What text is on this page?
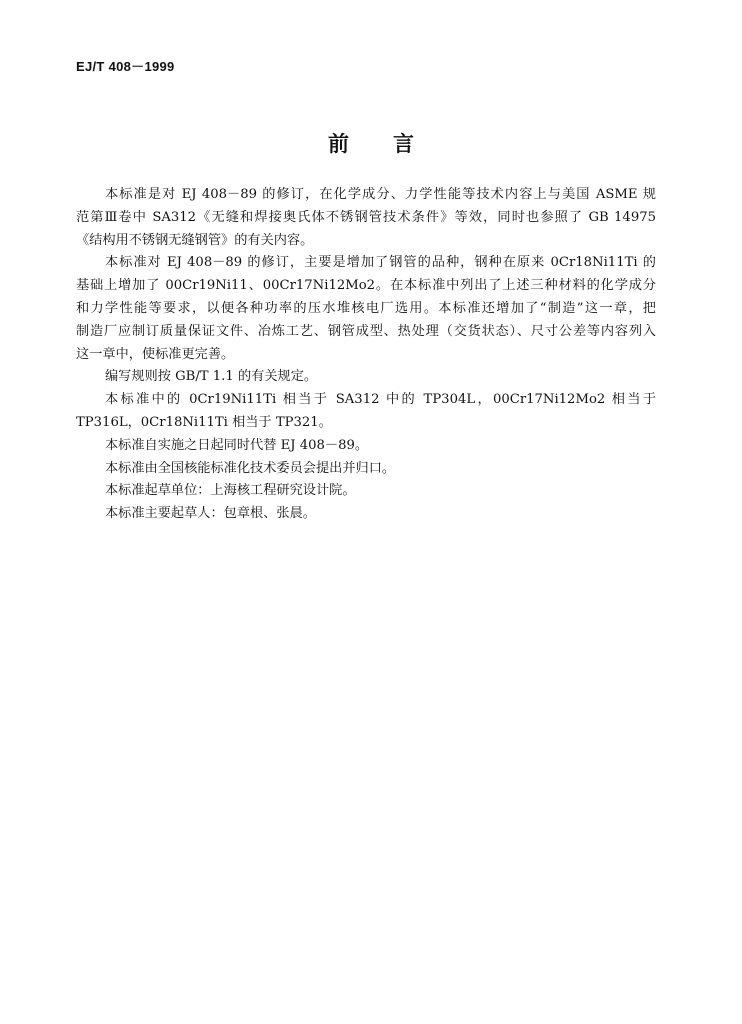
EJ/T 408－1999
前言
本标准是对 EJ 408－89 的修订，在化学成分、力学性能等技术内容上与美国 ASME 规
范第Ⅲ卷中 SA312《无缝和焊接奥氏体不锈钢管技术条件》等效，同时也参照了 GB 14975
《结构用不锈钢无缝钢管》的有关内容。
本标准对 EJ 408－89 的修订，主要是增加了钢管的品种，钢种在原来 0Cr18Ni11Ti 的
基础上增加了 00Cr19Ni11、00Cr17Ni12Mo2。在本标准中列出了上述三种材料的化学成分
和力学性能等要求，以便各种功率的压水堆核电厂选用。本标准还增加了“制造”这一章，把
制造厂应制订质量保证文件、冶炼工艺、钢管成型、热处理（交货状态）、尺寸公差等内容列入
这一章中，使标准更完善。
编写规则按 GB/T 1.1 的有关规定。
本标准中的 0Cr19Ni11Ti 相当于 SA312 中的 TP304L，00Cr17Ni12Mo2 相当于
TP316L，0Cr18Ni11Ti 相当于 TP321。
本标准自实施之日起同时代替 EJ 408－89。
本标准由全国核能标准化技术委员会提出并归口。
本标准起草单位：上海核工程研究设计院。
本标准主要起草人：包章根、张晨。
